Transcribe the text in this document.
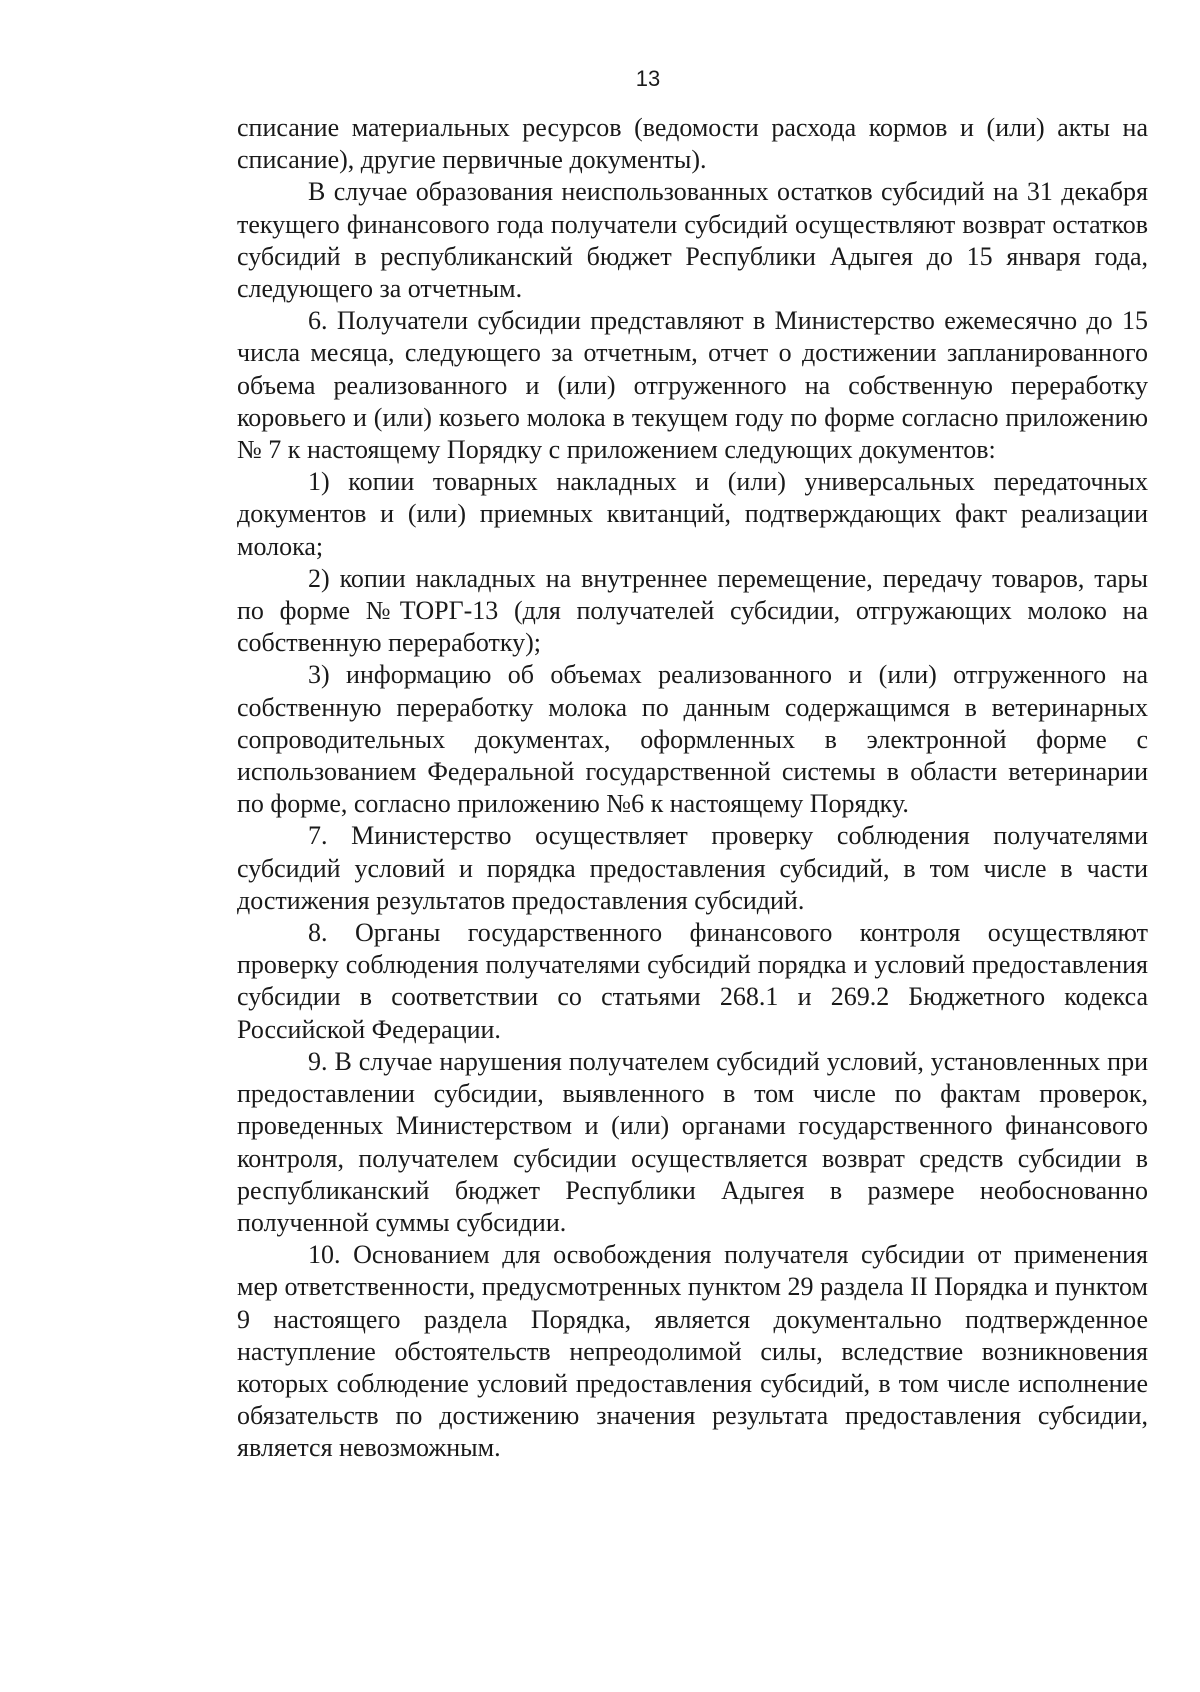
13

списание материальных ресурсов (ведомости расхода кормов и (или) акты на списание), другие первичные документы).

В случае образования неиспользованных остатков субсидий на 31 декабря текущего финансового года получатели субсидий осуществляют возврат остатков субсидий в республиканский бюджет Республики Адыгея до 15 января года, следующего за отчетным.

6. Получатели субсидии представляют в Министерство ежемесячно до 15 числа месяца, следующего за отчетным, отчет о достижении запланированного объема реализованного и (или) отгруженного на собственную переработку коровьего и (или) козьего молока в текущем году по форме согласно приложению № 7 к настоящему Порядку с приложением следующих документов:

1) копии товарных накладных и (или) универсальных передаточных документов и (или) приемных квитанций, подтверждающих факт реализации молока;

2) копии накладных на внутреннее перемещение, передачу товаров, тары по форме №ТОРГ-13 (для получателей субсидии, отгружающих молоко на собственную переработку);

3) информацию об объемах реализованного и (или) отгруженного на собственную переработку молока по данным содержащимся в ветеринарных сопроводительных документах, оформленных в электронной форме с использованием Федеральной государственной системы в области ветеринарии по форме, согласно приложению №6 к настоящему Порядку.

7. Министерство осуществляет проверку соблюдения получателями субсидий условий и порядка предоставления субсидий, в том числе в части достижения результатов предоставления субсидий.

8. Органы государственного финансового контроля осуществляют проверку соблюдения получателями субсидий порядка и условий предоставления субсидии в соответствии со статьями 268.1 и 269.2 Бюджетного кодекса Российской Федерации.

9. В случае нарушения получателем субсидий условий, установленных при предоставлении субсидии, выявленного в том числе по фактам проверок, проведенных Министерством и (или) органами государственного финансового контроля, получателем субсидии осуществляется возврат средств субсидии в республиканский бюджет Республики Адыгея в размере необоснованно полученной суммы субсидии.

10. Основанием для освобождения получателя субсидии от применения мер ответственности, предусмотренных пунктом 29 раздела II Порядка и пунктом 9 настоящего раздела Порядка, является документально подтвержденное наступление обстоятельств непреодолимой силы, вследствие возникновения которых соблюдение условий предоставления субсидий, в том числе исполнение обязательств по достижению значения результата предоставления субсидии, является невозможным.
